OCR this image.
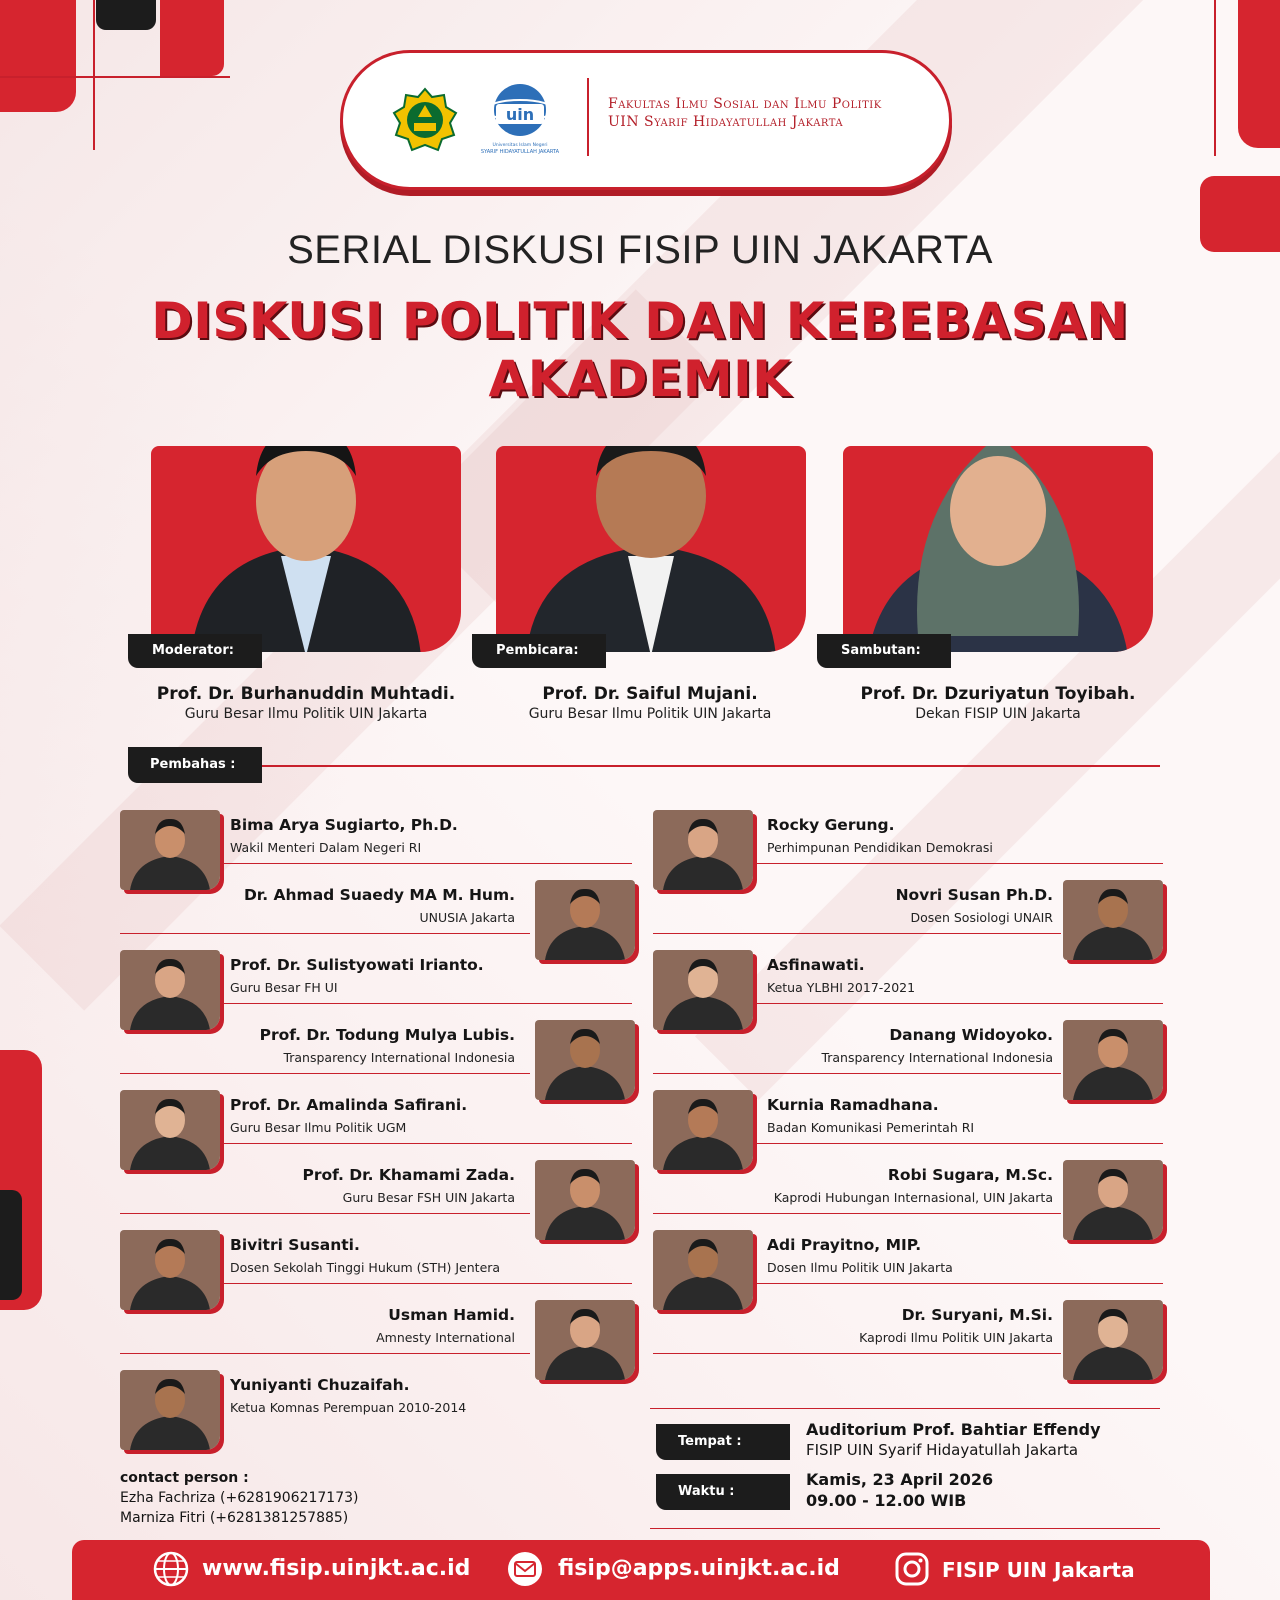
uin
Universitas Islam Negeri
SYARIF HIDAYATULLAH JAKARTA
Fakultas Ilmu Sosial dan Ilmu Politik
UIN Syarif Hidayatullah Jakarta
SERIAL DISKUSI FISIP UIN JAKARTA
DISKUSI POLITIK DAN KEBEBASAN AKADEMIK
Moderator:
Prof. Dr. Burhanuddin Muhtadi.
Guru Besar Ilmu Politik UIN Jakarta
Pembicara:
Prof. Dr. Saiful Mujani.
Guru Besar Ilmu Politik UIN Jakarta
Sambutan:
Prof. Dr. Dzuriyatun Toyibah.
Dekan FISIP UIN Jakarta
Pembahas :
Bima Arya Sugiarto, Ph.D.
Wakil Menteri Dalam Negeri RI
Dr. Ahmad Suaedy MA M. Hum.
UNUSIA Jakarta
Prof. Dr. Sulistyowati Irianto.
Guru Besar FH UI
Prof. Dr. Todung Mulya Lubis.
Transparency International Indonesia
Prof. Dr. Amalinda Safirani.
Guru Besar Ilmu Politik UGM
Prof. Dr. Khamami Zada.
Guru Besar FSH UIN Jakarta
Bivitri Susanti.
Dosen Sekolah Tinggi Hukum (STH) Jentera
Usman Hamid.
Amnesty International
Yuniyanti Chuzaifah.
Ketua Komnas Perempuan 2010-2014
Rocky Gerung.
Perhimpunan Pendidikan Demokrasi
Novri Susan Ph.D.
Dosen Sosiologi UNAIR
Asfinawati.
Ketua YLBHI 2017-2021
Danang Widoyoko.
Transparency International Indonesia
Kurnia Ramadhana.
Badan Komunikasi Pemerintah RI
Robi Sugara, M.Sc.
Kaprodi Hubungan Internasional, UIN Jakarta
Adi Prayitno, MIP.
Dosen Ilmu Politik UIN Jakarta
Dr. Suryani, M.Si.
Kaprodi Ilmu Politik UIN Jakarta
Tempat :
Auditorium Prof. Bahtiar Effendy
FISIP UIN Syarif Hidayatullah Jakarta
Waktu :
Kamis, 23 April 2026
09.00 - 12.00 WIB
contact person :
Ezha Fachriza (+6281906217173)
Marniza Fitri (+6281381257885)
www.fisip.uinjkt.ac.id	fisip@apps.uinjkt.ac.id	FISIP UIN Jakarta
